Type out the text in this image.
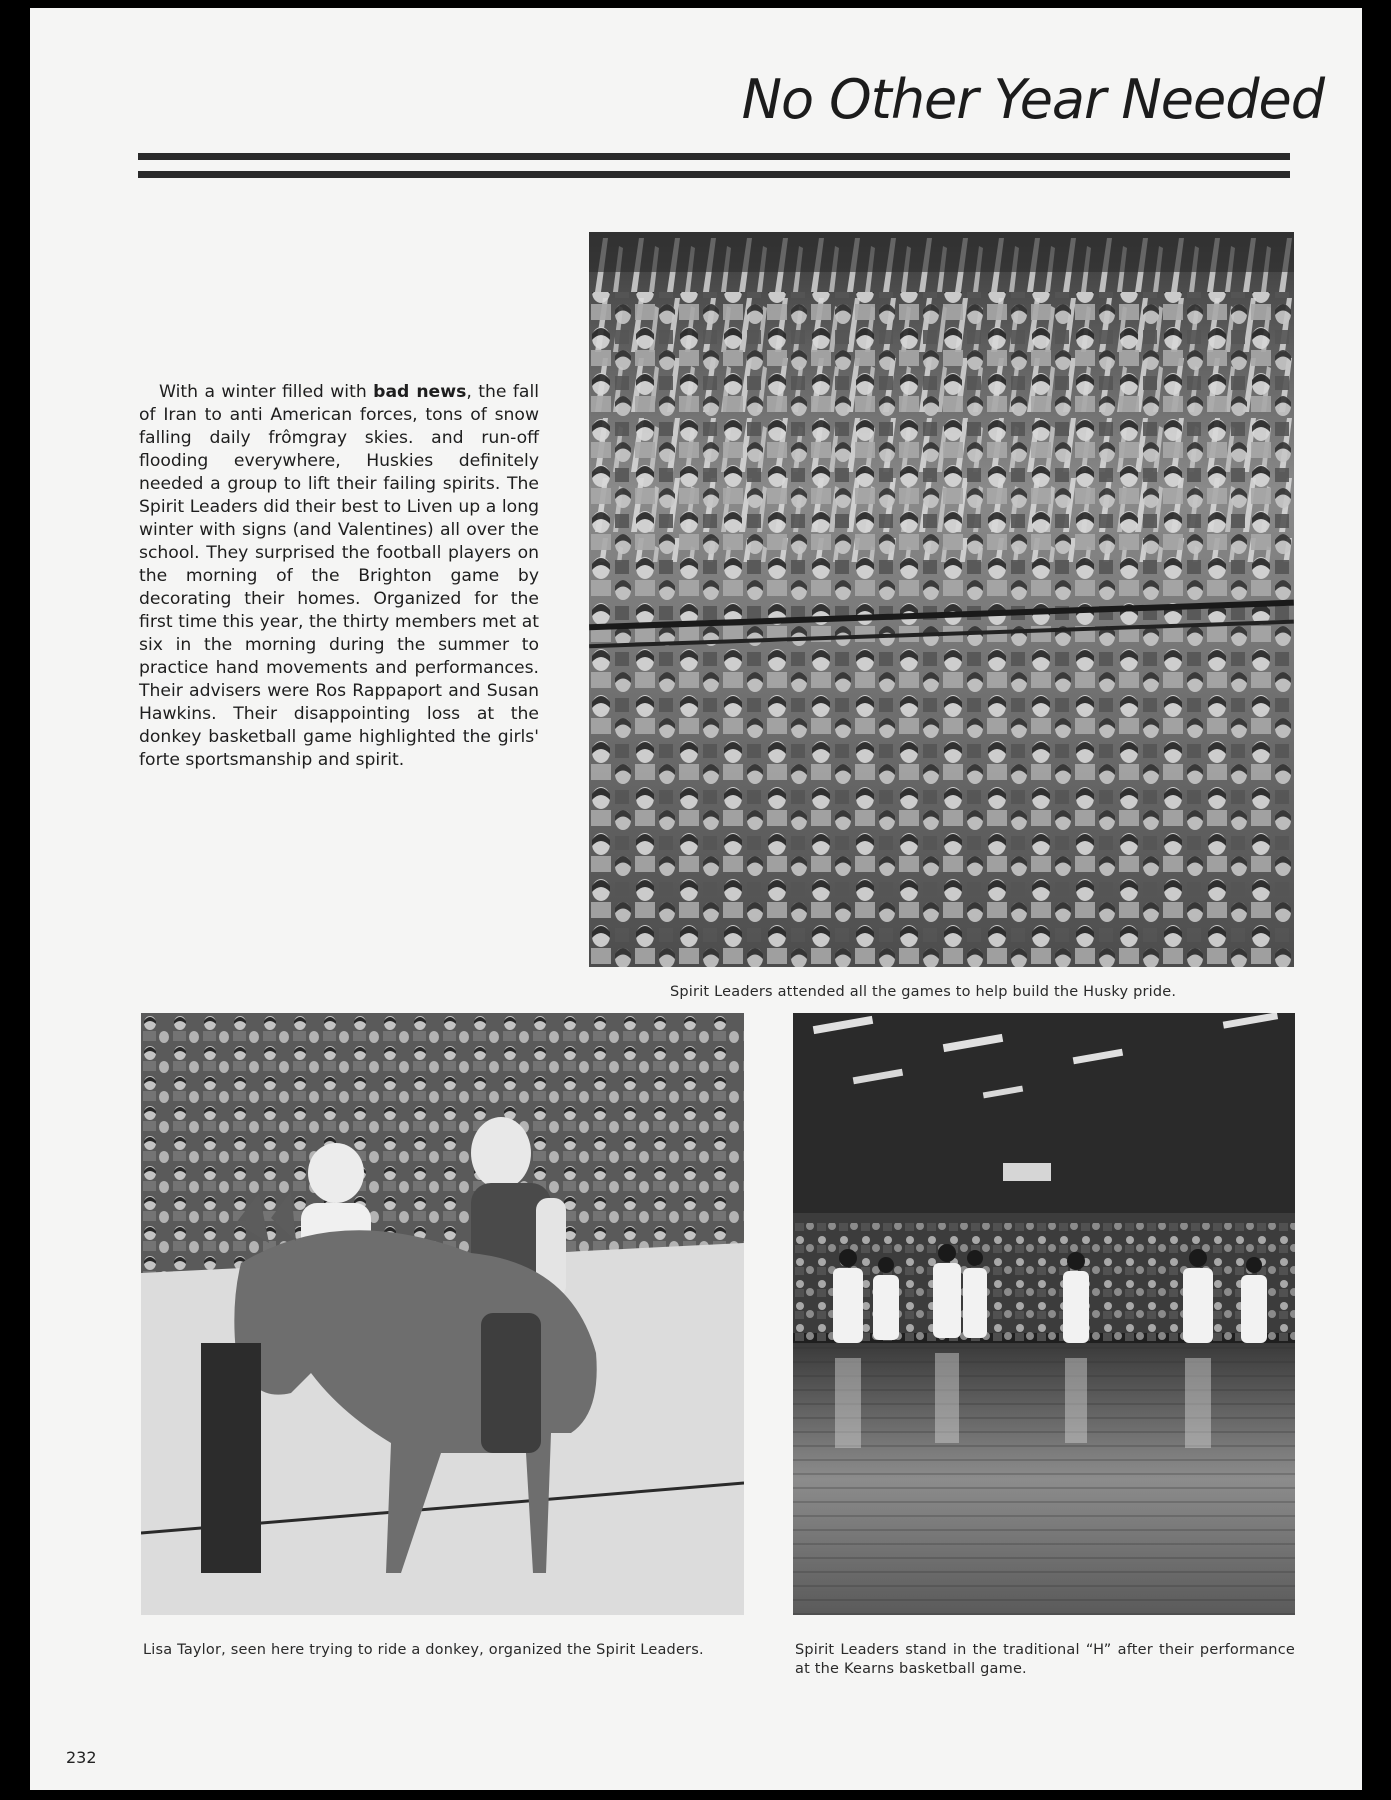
No Other Year Needed

With a winter filled with bad news, the fall of Iran to anti American forces, tons of snow falling daily frômgray skies. and run-off flooding everywhere, Huskies definitely needed a group to lift their failing spirits. The Spirit Leaders did their best to Liven up a long winter with signs (and Valentines) all over the school. They surprised the football players on the morning of the Brighton game by decorating their homes. Organized for the first time this year, the thirty members met at six in the morning during the summer to practice hand movements and performances. Their advisers were Ros Rappaport and Susan Hawkins. Their disappointing loss at the donkey basketball game highlighted the girls' forte sportsmanship and spirit.

Spirit Leaders attended all the games to help build the Husky pride.

Lisa Taylor, seen here trying to ride a donkey, organized the Spirit Leaders.	Spirit Leaders stand in the traditional “H” after their performance at the Kearns basketball game.

232
